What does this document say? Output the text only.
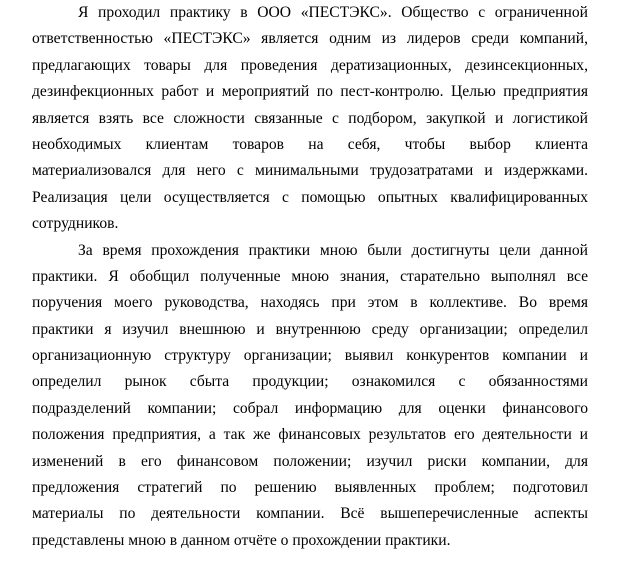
Я проходил практику в ООО «ПЕСТЭКС». Общество с ограниченной
ответственностью «ПЕСТЭКС» является одним из лидеров среди компаний,
предлагающих товары для проведения дератизационных, дезинсекционных,
дезинфекционных работ и мероприятий по пест-контролю. Целью предприятия
является взять все сложности связанные с подбором, закупкой и логистикой
необходимых клиентам товаров на себя, чтобы выбор клиента
материализовался для него с минимальными трудозатратами и издержками.
Реализация цели осуществляется с помощью опытных квалифицированных
сотрудников.

За время прохождения практики мною были достигнуты цели данной
практики. Я обобщил полученные мною знания, старательно выполнял все
поручения моего руководства, находясь при этом в коллективе. Во время
практики я изучил внешнюю и внутреннюю среду организации; определил
организационную структуру организации; выявил конкурентов компании и
определил рынок сбыта продукции; ознакомился с обязанностями
подразделений компании; собрал информацию для оценки финансового
положения предприятия, а так же финансовых результатов его деятельности и
изменений в его финансовом положении; изучил риски компании, для
предложения стратегий по решению выявленных проблем; подготовил
материалы по деятельности компании. Всё вышеперечисленные аспекты
представлены мною в данном отчёте о прохождении практики.
